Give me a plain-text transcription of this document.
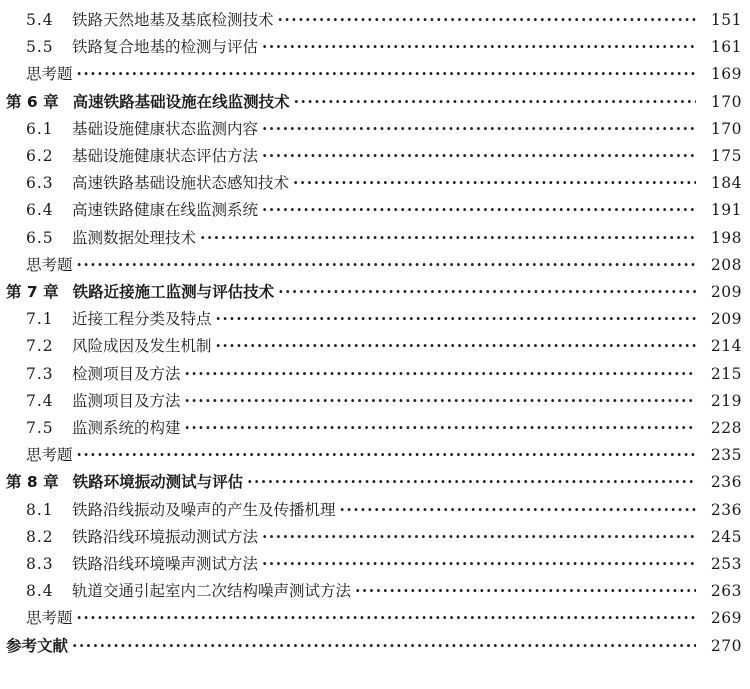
5.4	铁路天然地基及基底检测技术 ·····	151
5.5	铁路复合地基的检测与评估 ·····	161
思考题 ·····	169
第 6 章 高速铁路基础设施在线监测技术 ·····	170
6.1	基础设施健康状态监测内容 ·····	170
6.2	基础设施健康状态评估方法 ·····	175
6.3	高速铁路基础设施状态感知技术 ·····	184
6.4	高速铁路健康在线监测系统 ·····	191
6.5	监测数据处理技术 ·····	198
思考题 ·····	208
第 7 章 铁路近接施工监测与评估技术 ·····	209
7.1	近接工程分类及特点 ·····	209
7.2	风险成因及发生机制 ·····	214
7.3	检测项目及方法 ·····	215
7.4	监测项目及方法 ·····	219
7.5	监测系统的构建 ·····	228
思考题 ·····	235
第 8 章 铁路环境振动测试与评估 ·····	236
8.1	铁路沿线振动及噪声的产生及传播机理 ·····	236
8.2	铁路沿线环境振动测试方法 ·····	245
8.3	铁路沿线环境噪声测试方法 ·····	253
8.4	轨道交通引起室内二次结构噪声测试方法 ·····	263
思考题 ·····	269
参考文献 ·····	270
